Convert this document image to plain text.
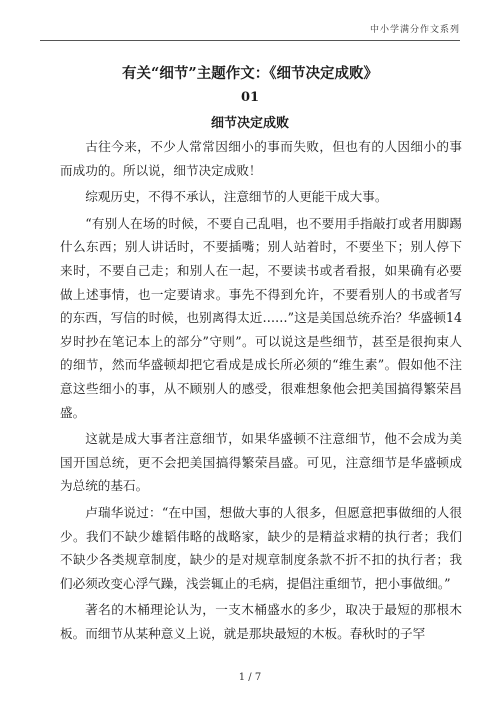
中小学满分作文系列
有关“细节”主题作文：《细节决定成败》
01
细节决定成败

古往今来，不少人常常因细小的事而失败，但也有的人因细小的事而成功的。所以说，细节决定成败！

综观历史，不得不承认，注意细节的人更能干成大事。

“有别人在场的时候，不要自己乱唱，也不要用手指敲打或者用脚踢什么东西；别人讲话时，不要插嘴；别人站着时，不要坐下；别人停下来时，不要自己走；和别人在一起，不要读书或者看报，如果确有必要做上述事情，也一定要请求。事先不得到允许，不要看别人的书或者写的东西，写信的时候，也别离得太近……”这是美国总统乔治？华盛顿14岁时抄在笔记本上的部分”守则”。可以说这是些细节，甚至是很拘束人的细节，然而华盛顿却把它看成是成长所必须的“维生素”。假如他不注意这些细小的事，从不顾别人的感受，很难想象他会把美国搞得繁荣昌盛。

这就是成大事者注意细节，如果华盛顿不注意细节，他不会成为美国开国总统，更不会把美国搞得繁荣昌盛。可见，注意细节是华盛顿成为总统的基石。

卢瑞华说过：“在中国，想做大事的人很多，但愿意把事做细的人很少。我们不缺少雄韬伟略的战略家，缺少的是精益求精的执行者；我们不缺少各类规章制度，缺少的是对规章制度条款不折不扣的执行者；我们必须改变心浮气躁，浅尝辄止的毛病，提倡注重细节，把小事做细。”

著名的木桶理论认为，一支木桶盛水的多少，取决于最短的那根木板。而细节从某种意义上说，就是那块最短的木板。春秋时的子罕

1 / 7
